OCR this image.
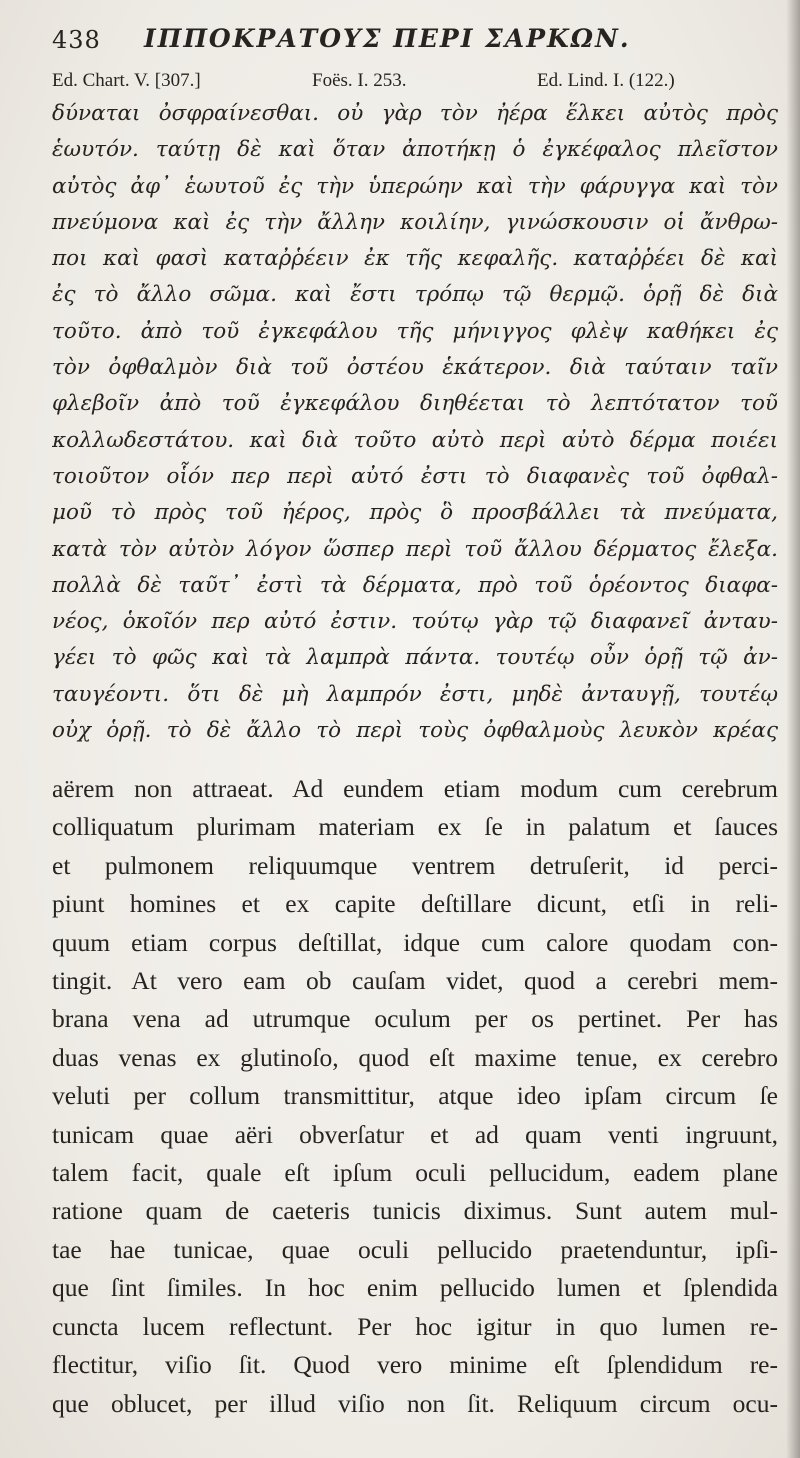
438 ΙΠΠΟΚΡΑΤΟΥΣ ΠΕΡΙ ΣΑΡΚΩΝ.
Ed. Chart. V. [307.]	Foës. I. 253.	Ed. Lind. I. (122.)
δύναται ὀσφραίνεσθαι. οὐ γὰρ τὸν ἠέρα ἕλκει αὐτὸς πρὸς
ἑωυτόν. ταύτῃ δὲ καὶ ὅταν ἀποτήκῃ ὁ ἐγκέφαλος πλεῖστον
αὐτὸς ἀφ᾽ ἑωυτοῦ ἐς τὴν ὑπερώην καὶ τὴν φάρυγγα καὶ τὸν
πνεύμονα καὶ ἐς τὴν ἄλλην κοιλίην, γινώσκουσιν οἱ ἄνθρω-
ποι καὶ φασὶ καταῤῥέειν ἐκ τῆς κεφαλῆς. καταῤῥέει δὲ καὶ
ἐς τὸ ἄλλο σῶμα. καὶ ἔστι τρόπῳ τῷ θερμῷ. ὁρῇ δὲ διὰ
τοῦτο. ἀπὸ τοῦ ἐγκεφάλου τῆς μήνιγγος φλὲψ καθήκει ἐς
τὸν ὀφθαλμὸν διὰ τοῦ ὀστέου ἑκάτερον. διὰ ταύταιν ταῖν
φλεβοῖν ἀπὸ τοῦ ἐγκεφάλου διηθέεται τὸ λεπτότατον τοῦ
κολλωδεστάτου. καὶ διὰ τοῦτο αὐτὸ περὶ αὐτὸ δέρμα ποιέει
τοιοῦτον οἷόν περ περὶ αὐτό ἐστι τὸ διαφανὲς τοῦ ὀφθαλ-
μοῦ τὸ πρὸς τοῦ ἠέρος, πρὸς ὃ προσβάλλει τὰ πνεύματα,
κατὰ τὸν αὐτὸν λόγον ὥσπερ περὶ τοῦ ἄλλου δέρματος ἔλεξα.
πολλὰ δὲ ταῦτ᾽ ἐστὶ τὰ δέρματα, πρὸ τοῦ ὁρέοντος διαφα-
νέος, ὁκοῖόν περ αὐτό ἐστιν. τούτῳ γὰρ τῷ διαφανεῖ ἀνταυ-
γέει τὸ φῶς καὶ τὰ λαμπρὰ πάντα. τουτέῳ οὖν ὁρῇ τῷ ἀν-
ταυγέοντι. ὅτι δὲ μὴ λαμπρόν ἐστι, μηδὲ ἀνταυγῇ, τουτέῳ
οὐχ ὁρῇ. τὸ δὲ ἄλλο τὸ περὶ τοὺς ὀφθαλμοὺς λευκὸν κρέας
aërem non attraeat. Ad eundem etiam modum cum cerebrum
colliquatum plurimam materiam ex ſe in palatum et ſauces
et pulmonem reliquumque ventrem detruſerit, id perci-
piunt homines et ex capite deſtillare dicunt, etſi in reli-
quum etiam corpus deſtillat, idque cum calore quodam con-
tingit. At vero eam ob cauſam videt, quod a cerebri mem-
brana vena ad utrumque oculum per os pertinet. Per has
duas venas ex glutinoſo, quod eſt maxime tenue, ex cerebro
veluti per collum transmittitur, atque ideo ipſam circum ſe
tunicam quae aëri obverſatur et ad quam venti ingruunt,
talem facit, quale eſt ipſum oculi pellucidum, eadem plane
ratione quam de caeteris tunicis diximus. Sunt autem mul-
tae hae tunicae, quae oculi pellucido praetenduntur, ipſi-
que ſint ſimiles. In hoc enim pellucido lumen et ſplendida
cuncta lucem reflectunt. Per hoc igitur in quo lumen re-
flectitur, viſio ſit. Quod vero minime eſt ſplendidum re-
que oblucet, per illud viſio non ſit. Reliquum circum ocu-
